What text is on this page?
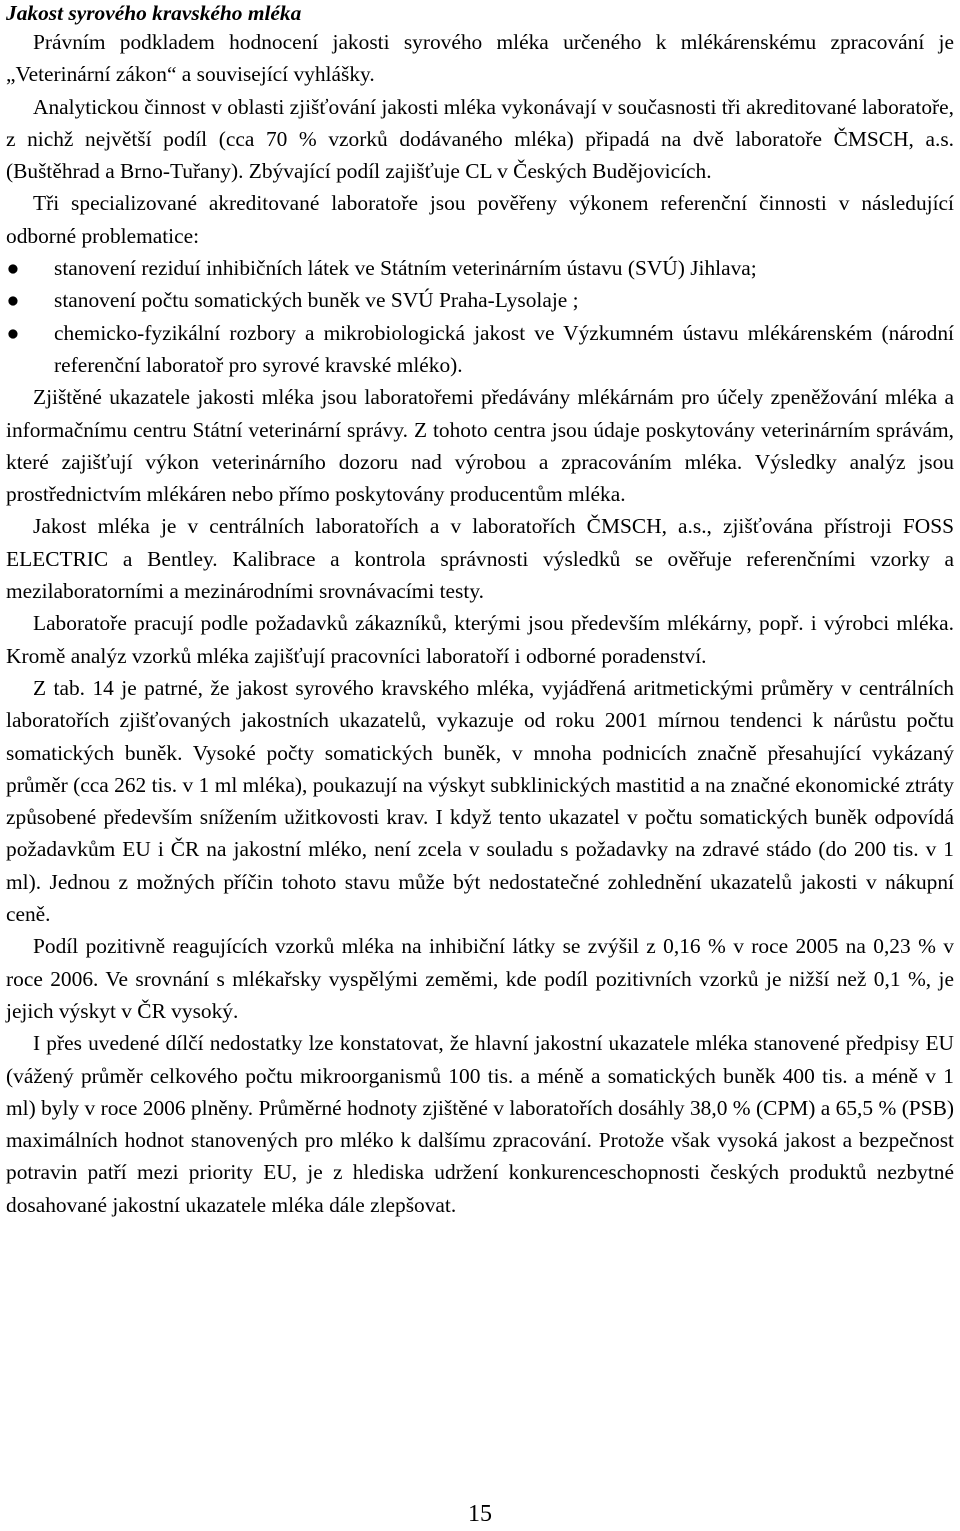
Jakost syrového kravského mléka

Právním podkladem hodnocení jakosti syrového mléka určeného k mlékárenskému zpracování je „Veterinární zákon“ a související vyhlášky.

Analytickou činnost v oblasti zjišťování jakosti mléka vykonávají v současnosti tři akreditované laboratoře, z nichž největší podíl (cca 70 % vzorků dodávaného mléka) připadá na dvě laboratoře ČMSCH, a.s. (Buštěhrad a Brno-Tuřany). Zbývající podíl zajišťuje CL v Českých Budějovicích.

Tři specializované akreditované laboratoře jsou pověřeny výkonem referenční činnosti v následující odborné problematice:

● stanovení reziduí inhibičních látek ve Státním veterinárním ústavu (SVÚ) Jihlava;
● stanovení počtu somatických buněk ve SVÚ Praha-Lysolaje ;
● chemicko-fyzikální rozbory a mikrobiologická jakost ve Výzkumném ústavu mlékárenském (národní referenční laboratoř pro syrové kravské mléko).

Zjištěné ukazatele jakosti mléka jsou laboratořemi předávány mlékárnám pro účely zpeněžování mléka a informačnímu centru Státní veterinární správy. Z tohoto centra jsou údaje poskytovány veterinárním správám, které zajišťují výkon veterinárního dozoru nad výrobou a zpracováním mléka. Výsledky analýz jsou prostřednictvím mlékáren nebo přímo poskytovány producentům mléka.

Jakost mléka je v centrálních laboratořích a v laboratořích ČMSCH, a.s., zjišťována přístroji FOSS ELECTRIC a Bentley. Kalibrace a kontrola správnosti výsledků se ověřuje referenčními vzorky a mezilaboratorními a mezinárodními srovnávacími testy.

Laboratoře pracují podle požadavků zákazníků, kterými jsou především mlékárny, popř. i výrobci mléka. Kromě analýz vzorků mléka zajišťují pracovníci laboratoří i odborné poradenství.

Z tab. 14 je patrné, že jakost syrového kravského mléka, vyjádřená aritmetickými průměry v centrálních laboratořích zjišťovaných jakostních ukazatelů, vykazuje od roku 2001 mírnou tendenci k nárůstu počtu somatických buněk. Vysoké počty somatických buněk, v mnoha podnicích značně přesahující vykázaný průměr (cca 262 tis. v 1 ml mléka), poukazují na výskyt subklinických mastitid a na značné ekonomické ztráty způsobené především snížením užitkovosti krav. I když tento ukazatel v počtu somatických buněk odpovídá požadavkům EU i ČR na jakostní mléko, není zcela v souladu s požadavky na zdravé stádo (do 200 tis. v 1 ml). Jednou z možných příčin tohoto stavu může být nedostatečné zohlednění ukazatelů jakosti v nákupní ceně.

Podíl pozitivně reagujících vzorků mléka na inhibiční látky se zvýšil z 0,16 % v roce 2005 na 0,23 % v roce 2006. Ve srovnání s mlékařsky vyspělými zeměmi, kde podíl pozitivních vzorků je nižší než 0,1 %, je jejich výskyt v ČR vysoký.

I přes uvedené dílčí nedostatky lze konstatovat, že hlavní jakostní ukazatele mléka stanovené předpisy EU (vážený průměr celkového počtu mikroorganismů 100 tis. a méně a somatických buněk 400 tis. a méně v 1 ml) byly v roce 2006 plněny. Průměrné hodnoty zjištěné v laboratořích dosáhly 38,0 % (CPM) a 65,5 % (PSB) maximálních hodnot stanovených pro mléko k dalšímu zpracování. Protože však vysoká jakost a bezpečnost potravin patří mezi priority EU, je z hlediska udržení konkurenceschopnosti českých produktů nezbytné dosahované jakostní ukazatele mléka dále zlepšovat.

15
